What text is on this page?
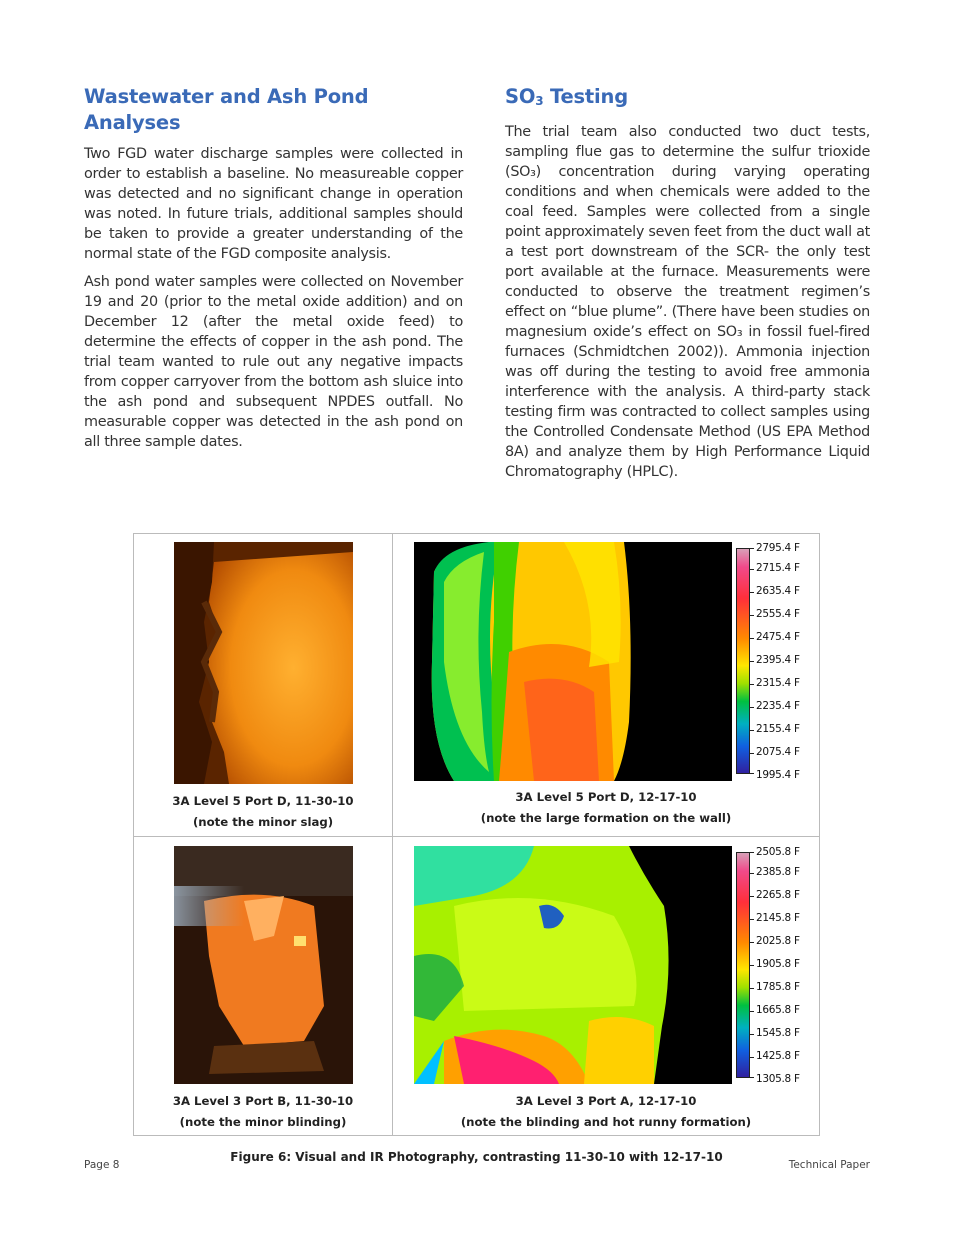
Wastewater and Ash Pond Analyses

Two FGD water discharge samples were collected in order to establish a baseline. No measureable copper was detected and no significant change in operation was noted. In future trials, additional samples should be taken to provide a greater understanding of the normal state of the FGD composite analysis.

Ash pond water samples were collected on November 19 and 20 (prior to the metal oxide addition) and on December 12 (after the metal oxide feed) to determine the effects of copper in the ash pond. The trial team wanted to rule out any negative impacts from copper carryover from the bottom ash sluice into the ash pond and subsequent NPDES outfall. No measurable copper was detected in the ash pond on all three sample dates.

$SO_3$ Testing

The trial team also conducted two duct tests, sampling flue gas to determine the sulfur trioxide (SO₃) concentration during varying operating conditions and when chemicals were added to the coal feed. Samples were collected from a single point approximately seven feet from the duct wall at a test port downstream of the SCR- the only test port available at the furnace. Measurements were conducted to observe the treatment regimen’s effect on “blue plume”. (There have been studies on magnesium oxide’s effect on SO₃ in fossil fuel-fired furnaces (Schmidtchen 2002)). Ammonia injection was off during the testing to avoid free ammonia interference with the analysis. A third-party stack testing firm was contracted to collect samples using the Controlled Condensate Method (US EPA Method 8A) and analyze them by High Performance Liquid Chromatography (HPLC).

3A Level 5 Port D, 11-30-10
(note the minor slag)
2795.4 F
2715.4 F
2635.4 F
2555.4 F
2475.4 F
2395.4 F
2315.4 F
2235.4 F
2155.4 F
2075.4 F
1995.4 F
3A Level 5 Port D, 12-17-10
(note the large formation on the wall)
3A Level 3 Port B, 11-30-10
(note the minor blinding)
2505.8 F
2385.8 F
2265.8 F
2145.8 F
2025.8 F
1905.8 F
1785.8 F
1665.8 F
1545.8 F
1425.8 F
1305.8 F
3A Level 3 Port A, 12-17-10
(note the blinding and hot runny formation)
Figure 6: Visual and IR Photography, contrasting 11-30-10 with 12-17-10
Page 8	Technical Paper
